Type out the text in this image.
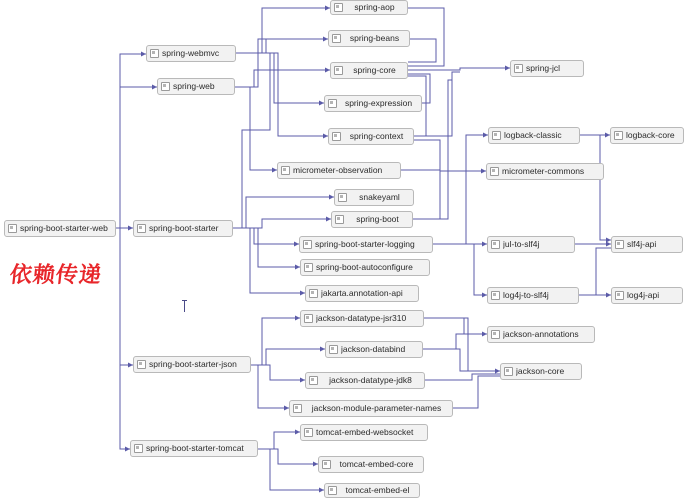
spring-boot-starter-web	spring-boot-starter
spring-boot-starter-json
spring-boot-starter-tomcat
spring-webmvc
spring-web
spring-aop
spring-beans
spring-core
spring-expression
spring-context
spring-jcl
micrometer-observation	micrometer-commons
logback-classic	logback-core
snakeyaml
spring-boot
spring-boot-starter-logging	jul-to-slf4j	slf4j-api
log4j-to-slf4j	log4j-api
spring-boot-autoconfigure
jakarta.annotation-api
jackson-datatype-jsr310
jackson-annotations
jackson-databind
jackson-core
jackson-datatype-jdk8
jackson-module-parameter-names
tomcat-embed-websocket
tomcat-embed-core
tomcat-embed-el
依赖传递
